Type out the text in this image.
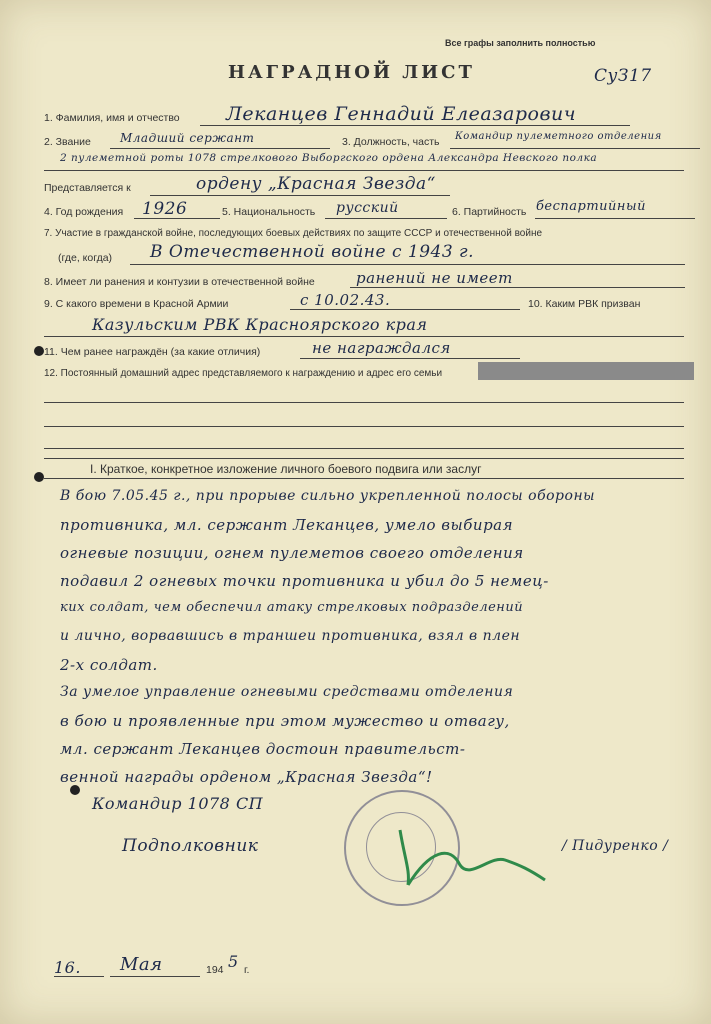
Все графы заполнить полностью
НАГРАДНОЙ ЛИСТ	СуЗ17
1. Фамилия, имя и отчество Леканцев Геннадий Елеазарович
2. Звание Младший сержант	3. Должность, часть Командир пулеметного отделения
2 пулеметной роты 1078 стрелкового Выборгского ордена Александра Невского полка
Представляется к	ордену „Красная Звезда“
4. Год рождения 1926	5. Национальность русский	6. Партийность беспартийный
7. Участие в гражданской войне, последующих боевых действиях по защите СССР и отечественной войне
(где, когда) В Отечественной войне с 1943 г.
8. Имеет ли ранения и контузии в отечественной войне	ранений не имеет
9. С какого времени в Красной Армии	с 10.02.43.	10. Каким РВК призван
Казульским РВК Красноярского края
11. Чем ранее награждён (за какие отличия)	не награждался
12. Постоянный домашний адрес представляемого к награждению и адрес его семьи
I. Краткое, конкретное изложение личного боевого подвига или заслуг
В бою 7.05.45 г., при прорыве сильно укрепленной полосы обороны
противника, мл. сержант Леканцев, умело выбирая
огневые позиции, огнем пулеметов своего отделения
подавил 2 огневых точки противника и убил до 5 немец-
ких солдат, чем обеспечил атаку стрелковых подразделений
и лично, ворвавшись в траншеи противника, взял в плен
2-х солдат.
За умелое управление огневыми средствами отделения
в бою и проявленные при этом мужество и отвагу,
мл. сержант Леканцев достоин правительст-
венной награды орденом „Красная Звезда“!
Командир 1078 СП
Подполковник	/ Пидуренко /
16. Мая	194 5 г.
